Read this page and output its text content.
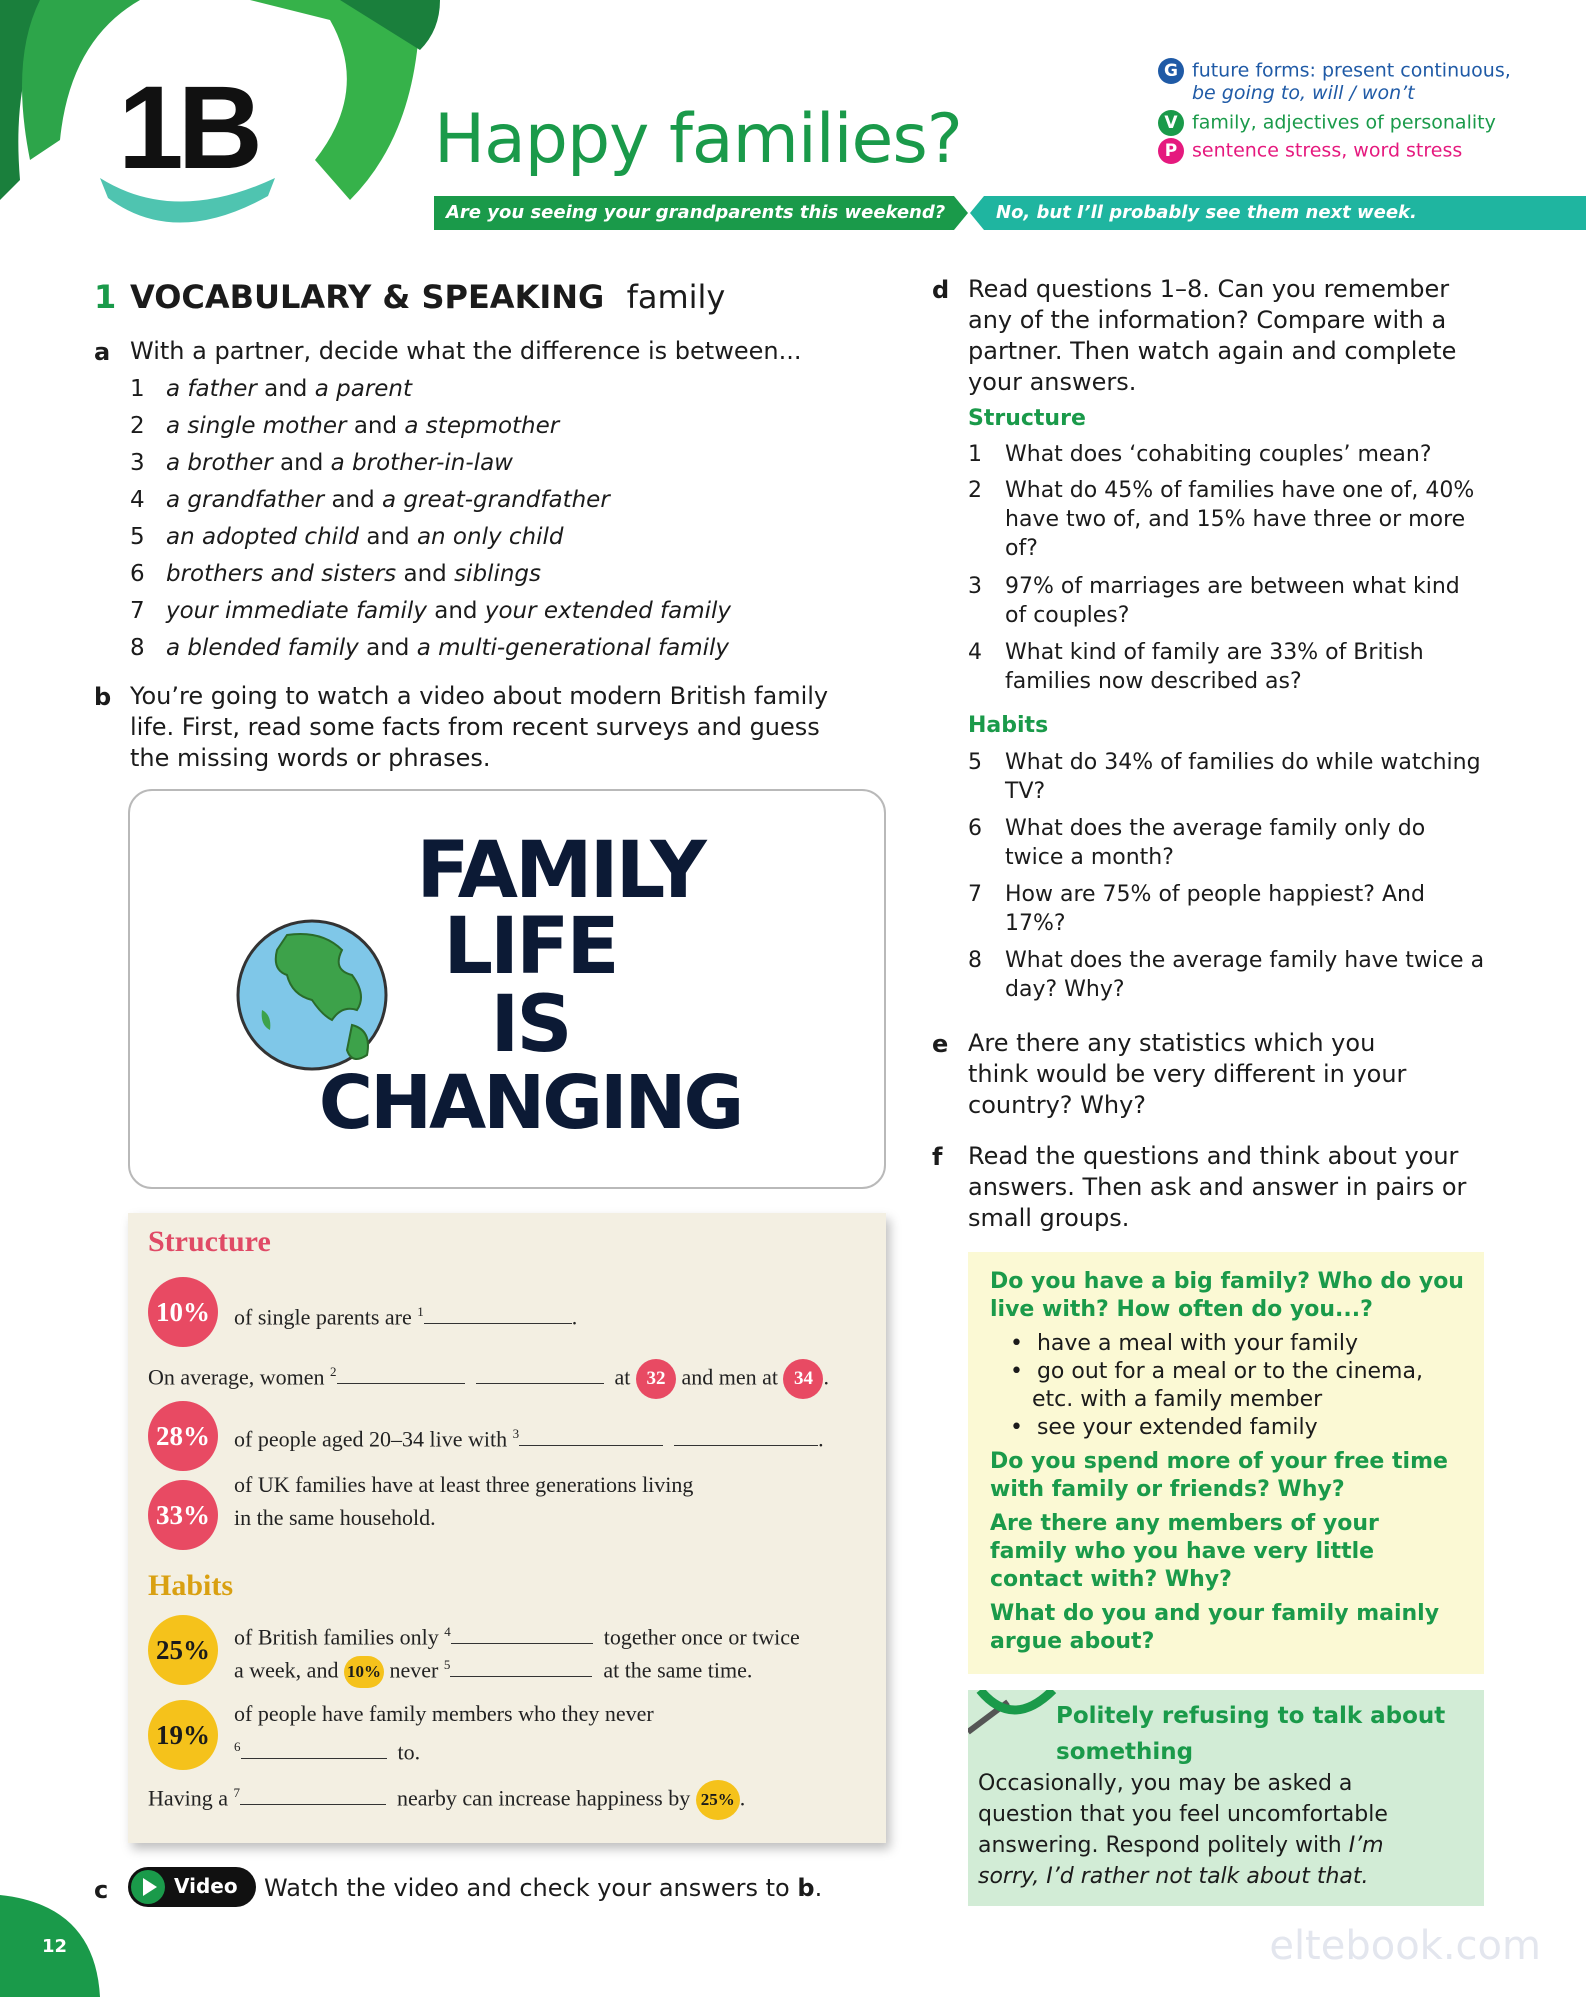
1B	Happy families?
G future forms: present continuous,
be going to, will / won’t
V family, adjectives of personality
P sentence stress, word stress
Are you seeing your grandparents this weekend?	No, but I’ll probably see them next week.
1 VOCABULARY & SPEAKING family
a With a partner, decide what the difference is between...
1 a father and a parent
2 a single mother and a stepmother
3 a brother and a brother-in-law
4 a grandfather and a great-grandfather
5 an adopted child and an only child
6 brothers and sisters and siblings
7 your immediate family and your extended family
8 a blended family and a multi-generational family
b You’re going to watch a video about modern British family
life. First, read some facts from recent surveys and guess
the missing words or phrases.
FAMILY
LIFE
IS
CHANGING
Structure
10%	of single parents are $^1$	.
On average, women $^2$	at 32 and men at 34 .
28%	of people aged 20–34 live with $^3$	.
33%
of UK families have at least three generations living
in the same household.
Habits
25%	of British families only $^4$	together once or twice
a week, and 10% never $^5$	at the same time.
19%
of people have family members who they never
$^6$	to.
Having a $^7$	nearby can increase happiness by 25% .
c	Video Watch the video and check your answers to b.
d Read questions 1–8. Can you remember
any of the information? Compare with a
partner. Then watch again and complete
your answers.
Structure
Habits
1 What does ‘cohabiting couples’ mean?
2 What do 45% of families have one of, 40% have two of, and 15% have three or more of?
3 97% of marriages are between what kind of couples?
4 What kind of family are 33% of British families now described as?
5 What do 34% of families do while watching TV?
6 What does the average family only do twice a month?
7 How are 75% of people happiest? And 17%?
8 What does the average family have twice a day? Why?
e Are there any statistics which you
think would be very different in your
country? Why?
f Read the questions and think about your
answers. Then ask and answer in pairs or
small groups.
Do you have a big family? Who do you live with? How often do you...?
•  have a meal with your family
•  go out for a meal or to the cinema, etc. with a family member
•  see your extended family
Do you spend more of your free time with family or friends? Why?
Are there any members of your family who you have very little contact with? Why?
What do you and your family mainly argue about?
Politely refusing to talk about something
Occasionally, you may be asked a question that you feel uncomfortable answering. Respond politely with I’m sorry, I’d rather not talk about that.
12	eltebook.com
